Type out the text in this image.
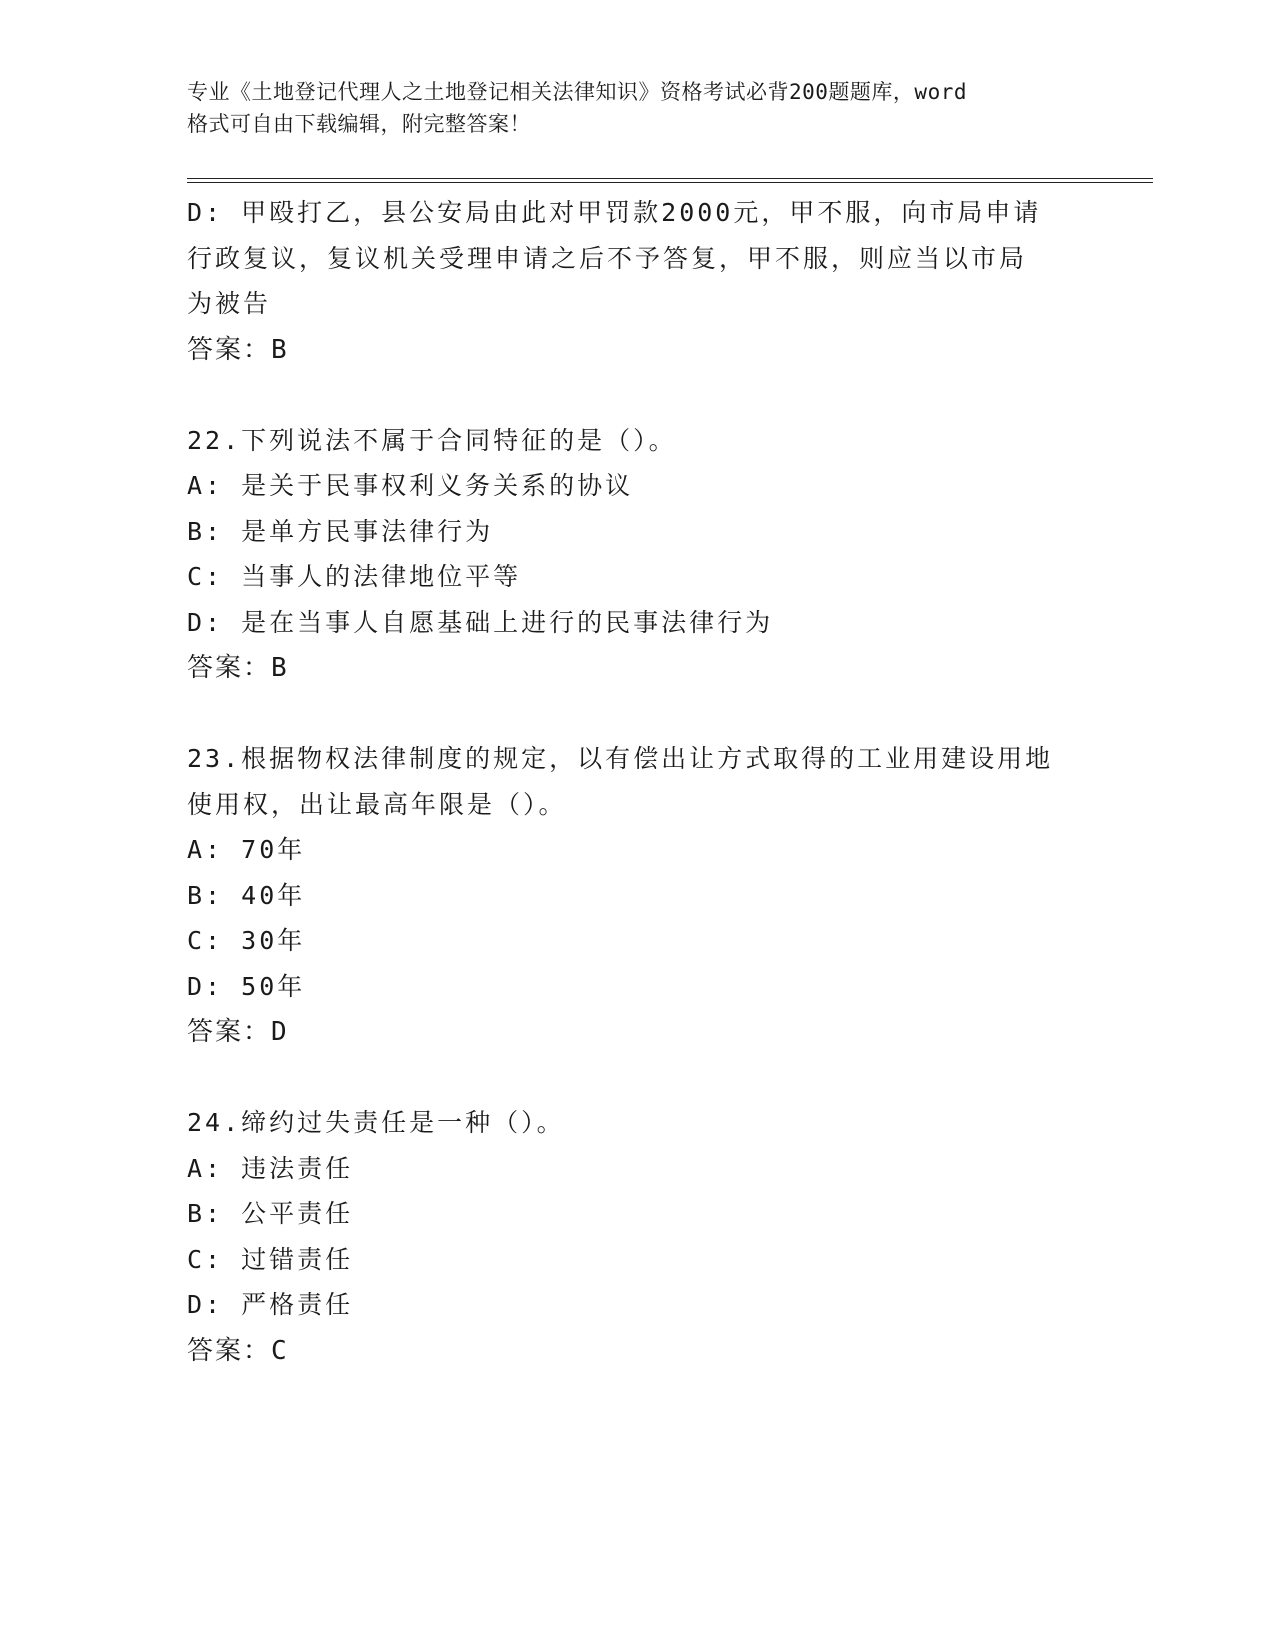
专业《土地登记代理人之土地登记相关法律知识》资格考试必背200题题库，word
格式可自由下载编辑，附完整答案！
D: 甲殴打乙，县公安局由此对甲罚款2000元，甲不服，向市局申请
行政复议，复议机关受理申请之后不予答复，甲不服，则应当以市局
为被告
答案：B
22.下列说法不属于合同特征的是（）。
A: 是关于民事权利义务关系的协议
B: 是单方民事法律行为
C: 当事人的法律地位平等
D: 是在当事人自愿基础上进行的民事法律行为
答案：B
23.根据物权法律制度的规定，以有偿出让方式取得的工业用建设用地
使用权，出让最高年限是（）。
A: 70年
B: 40年
C: 30年
D: 50年
答案：D
24.缔约过失责任是一种（）。
A: 违法责任
B: 公平责任
C: 过错责任
D: 严格责任
答案：C
